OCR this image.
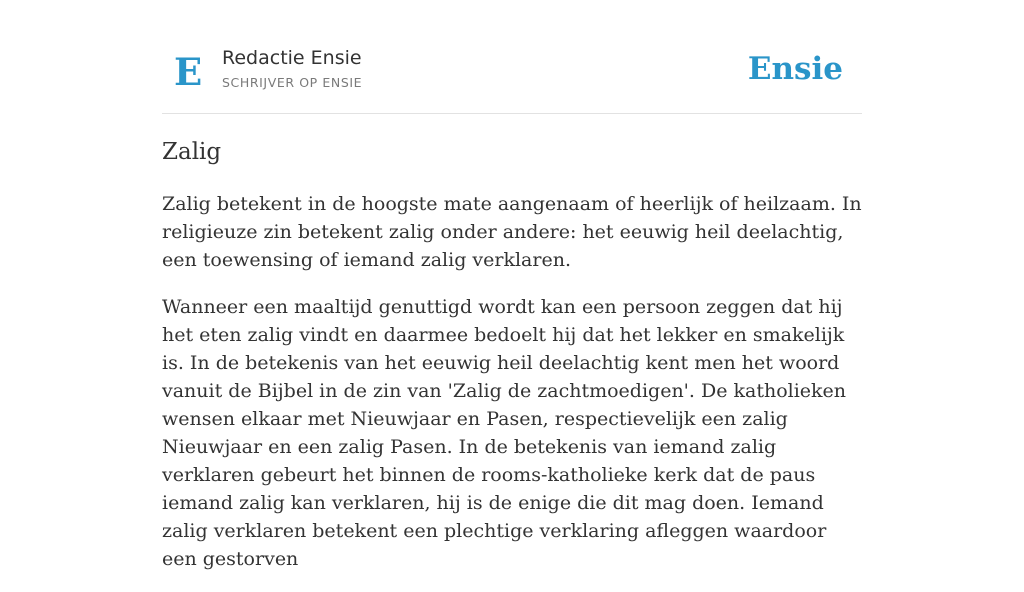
E Redactie Ensie
SCHRIJVER OP ENSIE	Ensie
Zalig

Zalig betekent in de hoogste mate aangenaam of heerlijk of heilzaam. In religieuze zin betekent zalig onder andere: het eeuwig heil deelachtig, een toewensing of iemand zalig verklaren.

Wanneer een maaltijd genuttigd wordt kan een persoon zeggen dat hij het eten zalig vindt en daarmee bedoelt hij dat het lekker en smakelijk is. In de betekenis van het eeuwig heil deelachtig kent men het woord vanuit de Bijbel in de zin van 'Zalig de zachtmoedigen'. De katholieken wensen elkaar met Nieuwjaar en Pasen, respectievelijk een zalig Nieuwjaar en een zalig Pasen. In de betekenis van iemand zalig verklaren gebeurt het binnen de rooms-katholieke kerk dat de paus iemand zalig kan verklaren, hij is de enige die dit mag doen. Iemand zalig verklaren betekent een plechtige verklaring afleggen waardoor een gestorven
